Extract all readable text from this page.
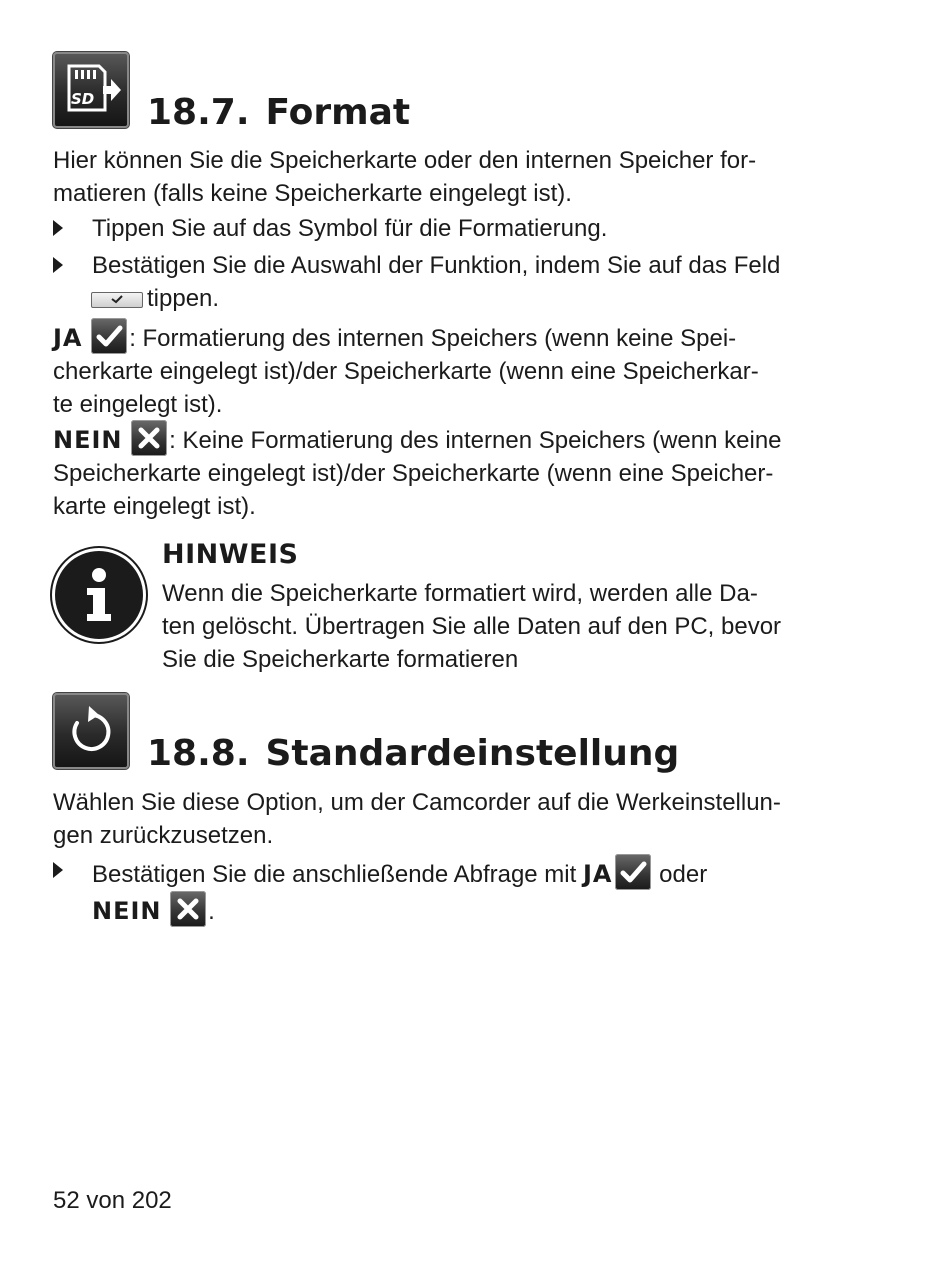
SD 18.7. Format
Hier können Sie die Speicherkarte oder den internen Speicher for-
matieren (falls keine Speicherkarte eingelegt ist).
Tippen Sie auf das Symbol für die Formatierung.
Bestätigen Sie die Auswahl der Funktion, indem Sie auf das Feld
tippen.
JA : Formatierung des internen Speichers (wenn keine Spei-
cherkarte eingelegt ist)/der Speicherkarte (wenn eine Speicherkar-
te eingelegt ist).
NEIN : Keine Formatierung des internen Speichers (wenn keine
Speicherkarte eingelegt ist)/der Speicherkarte (wenn eine Speicher-
karte eingelegt ist).
HINWEIS
Wenn die Speicherkarte formatiert wird, werden alle Da-
ten gelöscht. Übertragen Sie alle Daten auf den PC, bevor
Sie die Speicherkarte formatieren
18.8. Standardeinstellung
Wählen Sie diese Option, um der Camcorder auf die Werkeinstellun-
gen zurückzusetzen.
Bestätigen Sie die anschließende Abfrage mit JA oder
NEIN .
52 von 202
